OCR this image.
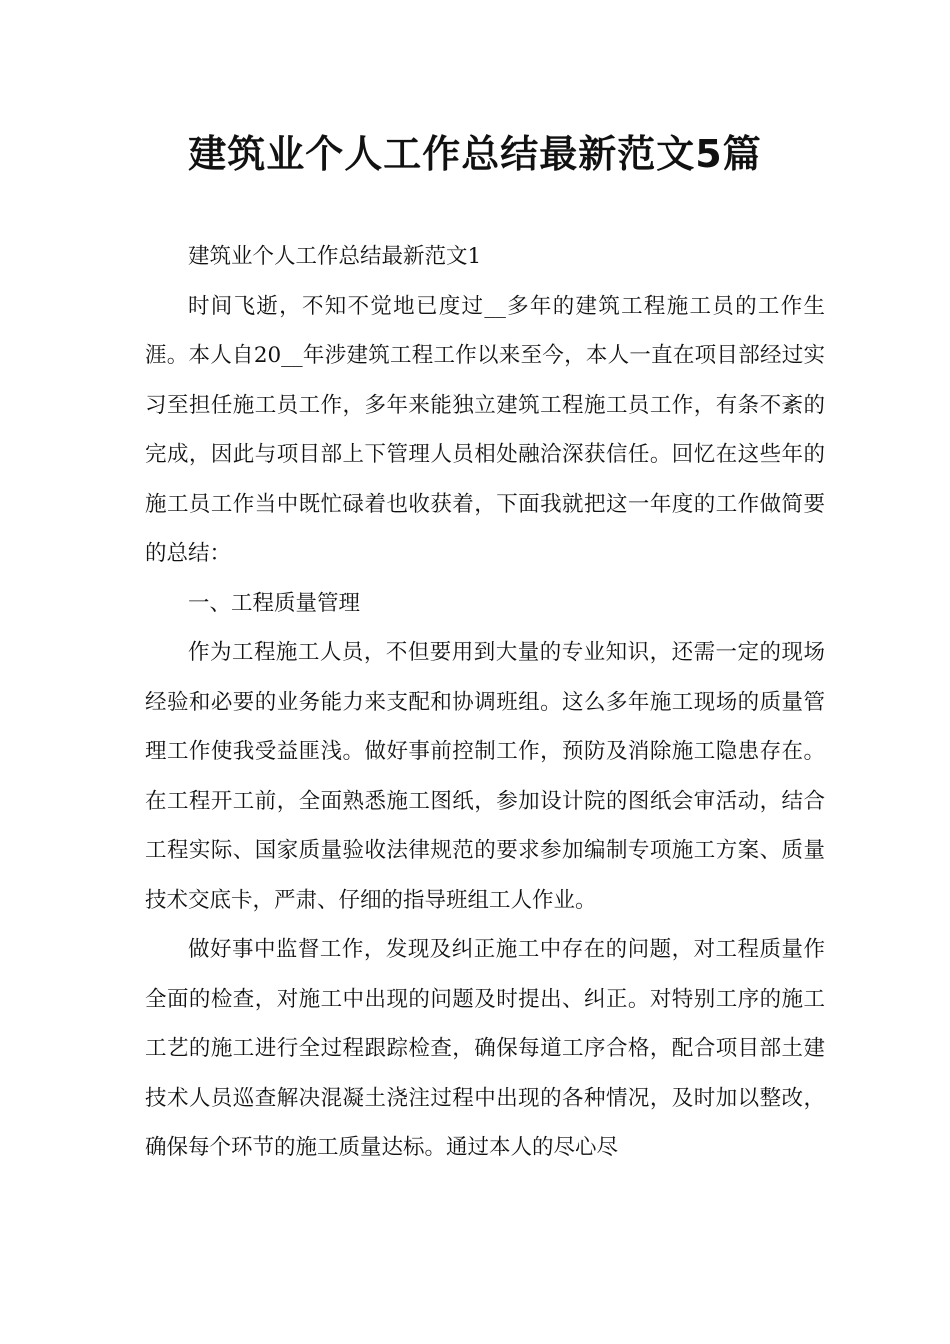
建筑业个人工作总结最新范文5篇

建筑业个人工作总结最新范文1

时间飞逝，不知不觉地已度过__多年的建筑工程施工员的工作生涯。本人自20__年涉建筑工程工作以来至今，本人一直在项目部经过实习至担任施工员工作，多年来能独立建筑工程施工员工作，有条不紊的完成，因此与项目部上下管理人员相处融洽深获信任。回忆在这些年的施工员工作当中既忙碌着也收获着，下面我就把这一年度的工作做简要的总结：

一、工程质量管理

作为工程施工人员，不但要用到大量的专业知识，还需一定的现场经验和必要的业务能力来支配和协调班组。这么多年施工现场的质量管理工作使我受益匪浅。做好事前控制工作，预防及消除施工隐患存在。在工程开工前，全面熟悉施工图纸，参加设计院的图纸会审活动，结合工程实际、国家质量验收法律规范的要求参加编制专项施工方案、质量技术交底卡，严肃、仔细的指导班组工人作业。

做好事中监督工作，发现及纠正施工中存在的问题，对工程质量作全面的检查，对施工中出现的问题及时提出、纠正。对特别工序的施工工艺的施工进行全过程跟踪检查，确保每道工序合格，配合项目部土建技术人员巡查解决混凝土浇注过程中出现的各种情况，及时加以整改，确保每个环节的施工质量达标。通过本人的尽心尽
